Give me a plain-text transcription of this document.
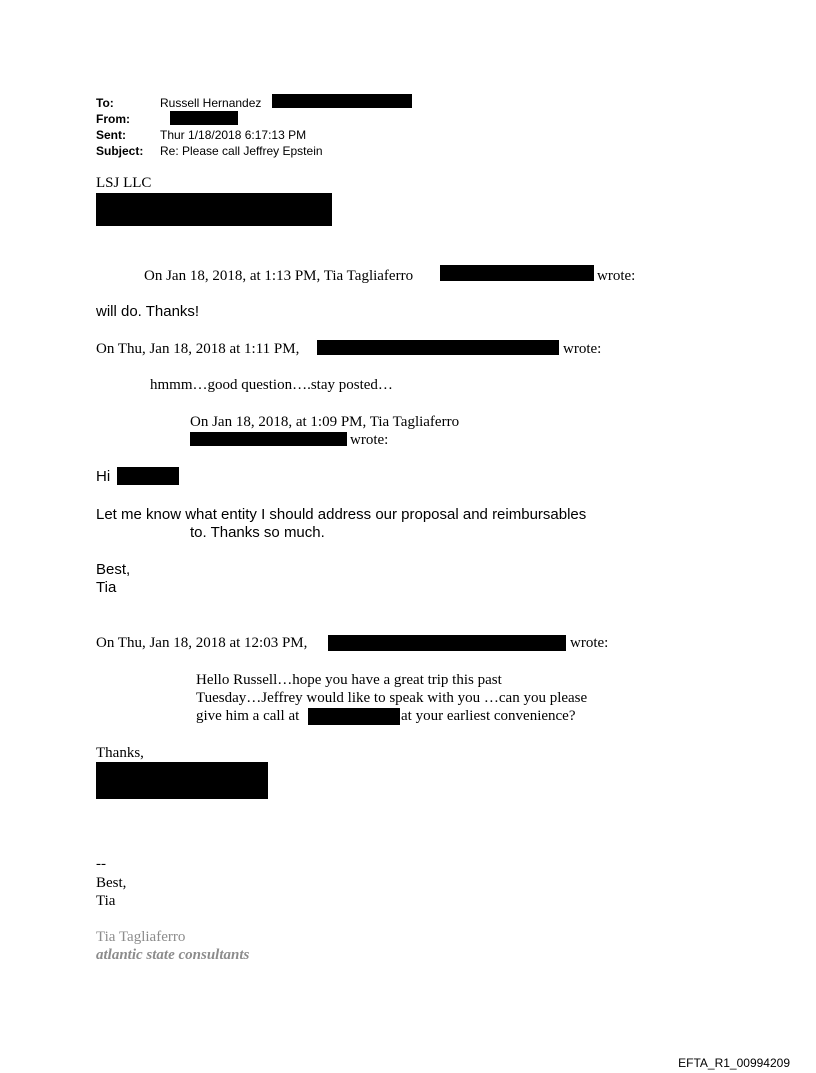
To:	Russell Hernandez
From:
Sent:	Thur 1/18/2018 6:17:13 PM
Subject: Re: Please call Jeffrey Epstein
LSJ LLC
On Jan 18, 2018, at 1:13 PM, Tia Tagliaferro	wrote:
will do. Thanks!
On Thu, Jan 18, 2018 at 1:11 PM,	wrote:
hmmm…good question….stay posted…
On Jan 18, 2018, at 1:09 PM, Tia Tagliaferro
wrote:
Hi
Let me know what entity I should address our proposal and reimbursables
to. Thanks so much.
Best,
Tia
On Thu, Jan 18, 2018 at 12:03 PM,	wrote:
Hello Russell…hope you have a great trip this past
Tuesday…Jeffrey would like to speak with you …can you please
give him a call at	at your earliest convenience?
Thanks,
--
Best,
Tia
Tia Tagliaferro
atlantic state consultants
EFTA_R1_00994209
